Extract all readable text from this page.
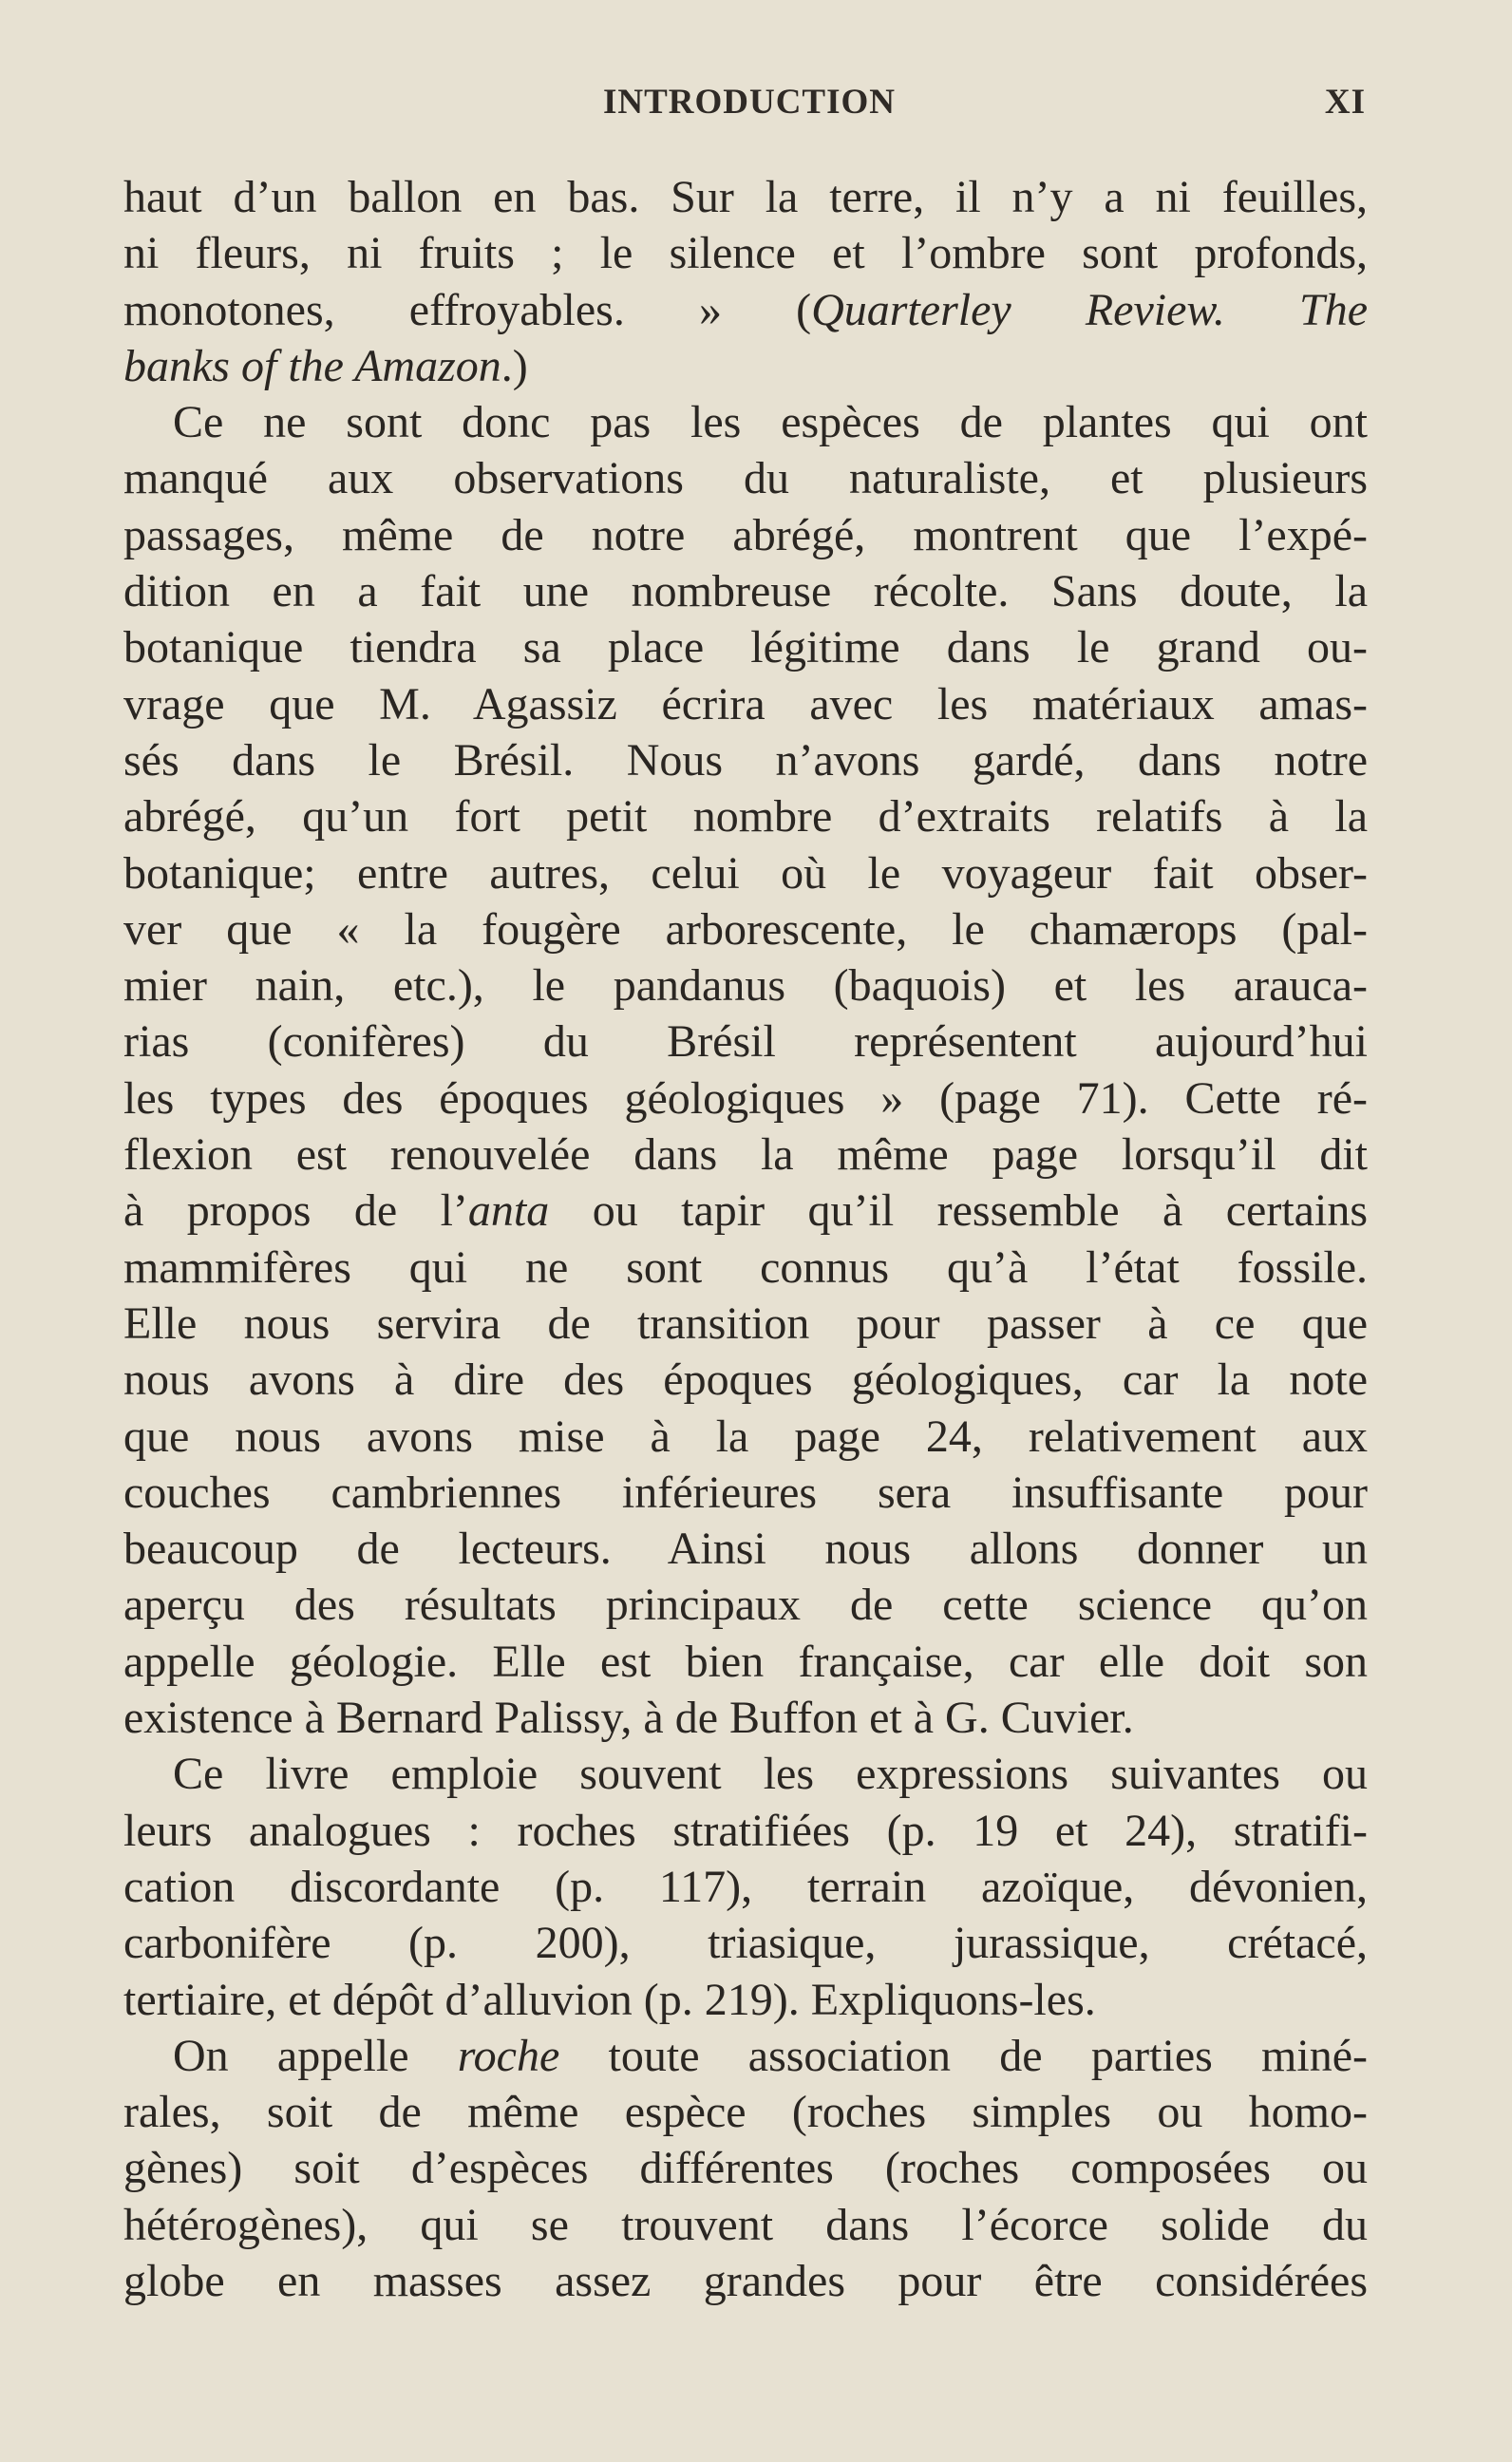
INTRODUCTION	XI
haut d’un ballon en bas. Sur la terre, il n’y a ni feuilles,
ni fleurs, ni fruits ; le silence et l’ombre sont profonds,
monotones, effroyables. » (Quarterley Review. The
banks of the Amazon.)
Ce ne sont donc pas les espèces de plantes qui ont
manqué aux observations du naturaliste, et plusieurs
passages, même de notre abrégé, montrent que l’expé-
dition en a fait une nombreuse récolte. Sans doute, la
botanique tiendra sa place légitime dans le grand ou-
vrage que M. Agassiz écrira avec les matériaux amas-
sés dans le Brésil. Nous n’avons gardé, dans notre
abrégé, qu’un fort petit nombre d’extraits relatifs à la
botanique; entre autres, celui où le voyageur fait obser-
ver que « la fougère arborescente, le chamærops (pal-
mier nain, etc.), le pandanus (baquois) et les arauca-
rias (conifères) du Brésil représentent aujourd’hui
les types des époques géologiques » (page 71). Cette ré-
flexion est renouvelée dans la même page lorsqu’il dit
à propos de l’anta ou tapir qu’il ressemble à certains
mammifères qui ne sont connus qu’à l’état fossile.
Elle nous servira de transition pour passer à ce que
nous avons à dire des époques géologiques, car la note
que nous avons mise à la page 24, relativement aux
couches cambriennes inférieures sera insuffisante pour
beaucoup de lecteurs. Ainsi nous allons donner un
aperçu des résultats principaux de cette science qu’on
appelle géologie. Elle est bien française, car elle doit son
existence à Bernard Palissy, à de Buffon et à G. Cuvier.
Ce livre emploie souvent les expressions suivantes ou
leurs analogues : roches stratifiées (p. 19 et 24), stratifi-
cation discordante (p. 117), terrain azoïque, dévonien,
carbonifère (p. 200), triasique, jurassique, crétacé,
tertiaire, et dépôt d’alluvion (p. 219). Expliquons-les.
On appelle roche toute association de parties miné-
rales, soit de même espèce (roches simples ou homo-
gènes) soit d’espèces différentes (roches composées ou
hétérogènes), qui se trouvent dans l’écorce solide du
globe en masses assez grandes pour être considérées
